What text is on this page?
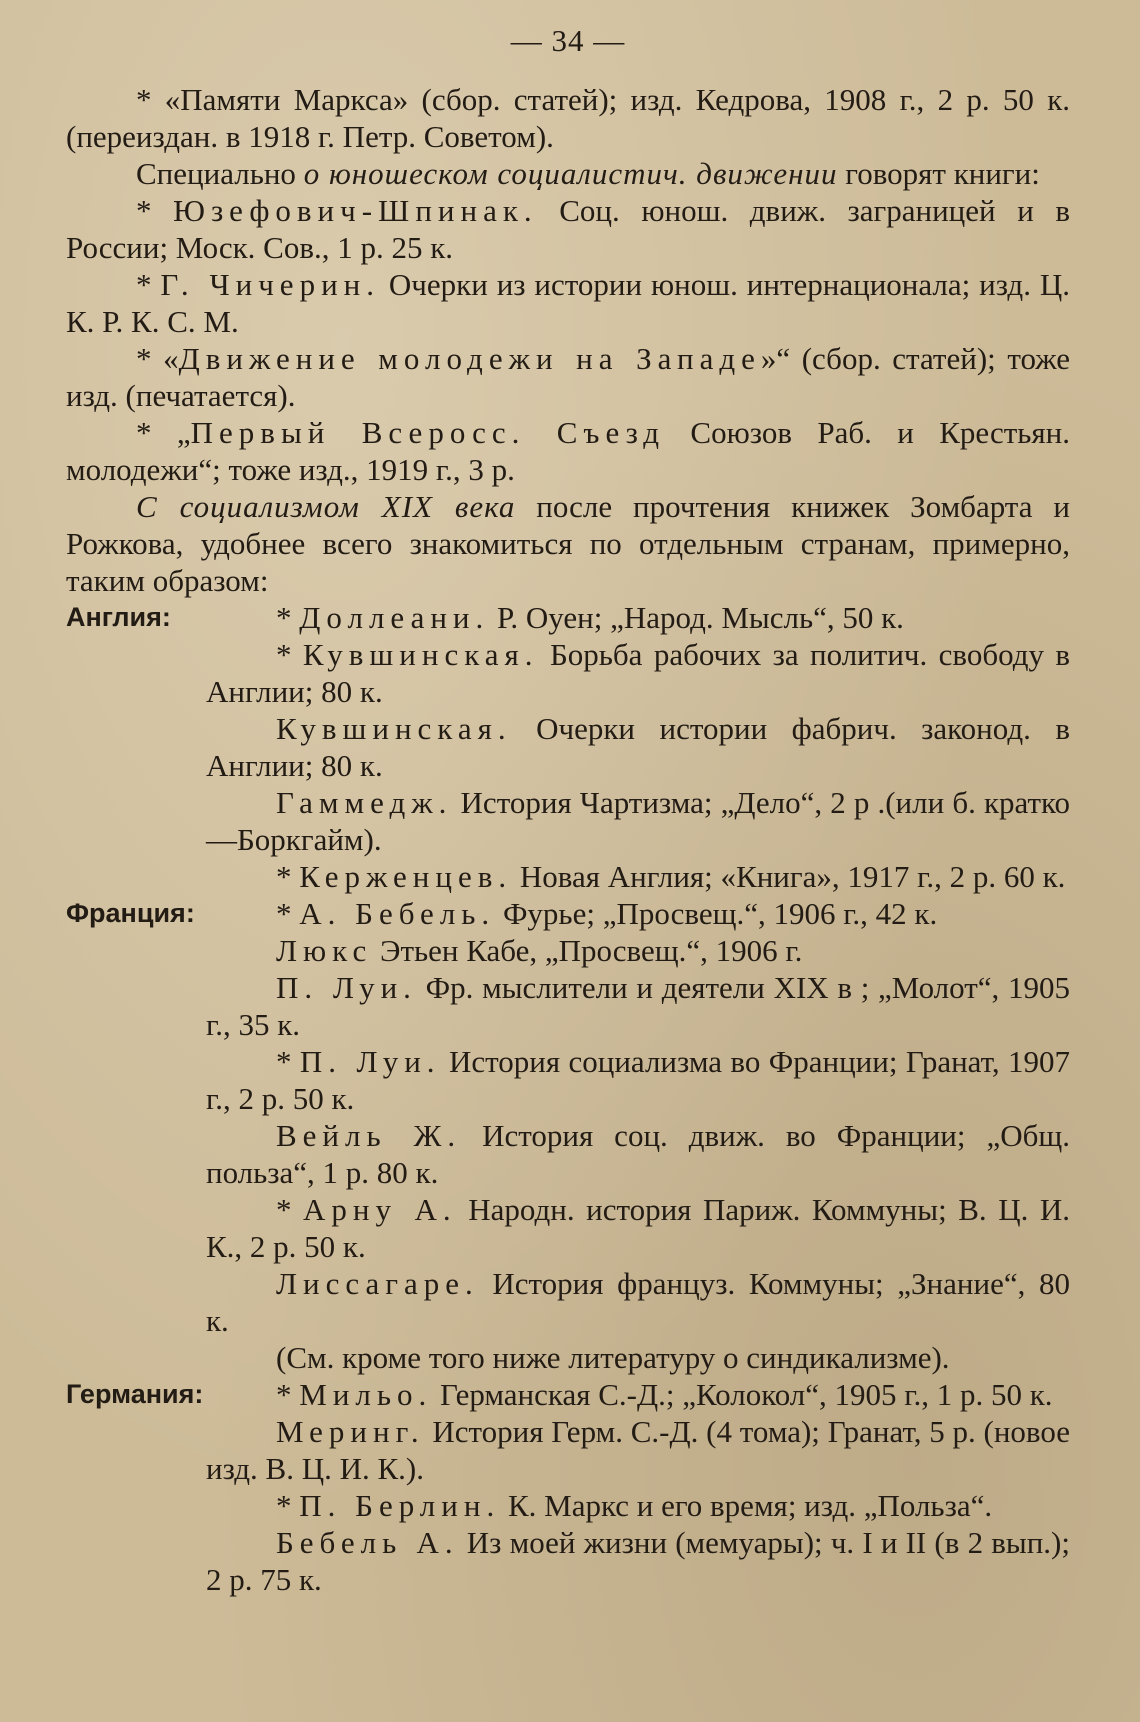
— 34 —

* «Памяти Маркса» (сбор. статей); изд. Кедрова, 1908 г., 2 р. 50 к. (переиздан. в 1918 г. Петр. Советом).

Специально о юношеском социалистич. движении говорят книги:

* Юзефович-Шпинак. Соц. юнош. движ. заграницей и в России; Моск. Сов., 1 р. 25 к.

* Г. Чичерин. Очерки из истории юнош. интернационала; изд. Ц. К. Р. К. С. М.

* «Движение молодежи на Западе»“ (сбор. статей); тоже изд. (печатается).

* „Первый Всеросс. Съезд Союзов Раб. и Крестьян. молодежи“; тоже изд., 1919 г., 3 р.

С социализмом XIX века после прочтения книжек Зомбарта и Рожкова, удобнее всего знакомиться по отдельным странам, примерно, таким образом:

Англия:	* Доллеани. Р. Оуен; „Народ. Мысль“, 50 к.

* Кувшинская. Борьба рабочих за политич. свободу в Англии; 80 к.

Кувшинская. Очерки истории фабрич. законод. в Англии; 80 к.

Гаммедж. История Чартизма; „Дело“, 2 р .(или б. кратко—Боркгайм).

* Керженцев. Новая Англия; «Книга», 1917 г., 2 р. 60 к.

Франция:	* А. Бебель. Фурье; „Просвещ.“, 1906 г., 42 к.

Люкс Этьен Кабе, „Просвещ.“, 1906 г.

П. Луи. Фр. мыслители и деятели XIX в ; „Молот“, 1905 г., 35 к.

* П. Луи. История социализма во Франции; Гранат, 1907 г., 2 р. 50 к.

Вейль Ж. История соц. движ. во Франции; „Общ. польза“, 1 р. 80 к.

* Арну А. Народн. история Париж. Коммуны; В. Ц. И. К., 2 р. 50 к.

Лиссагаре. История француз. Коммуны; „Знание“, 80 к.

(См. кроме того ниже литературу о синдикализме).

Германия:	* Мильо. Германская С.-Д.; „Колокол“, 1905 г., 1 р. 50 к.

Меринг. История Герм. С.-Д. (4 тома); Гранат, 5 р. (новое изд. В. Ц. И. К.).

* П. Берлин. К. Маркс и его время; изд. „Польза“.

Бебель А. Из моей жизни (мемуары); ч. I и II (в 2 вып.); 2 р. 75 к.
